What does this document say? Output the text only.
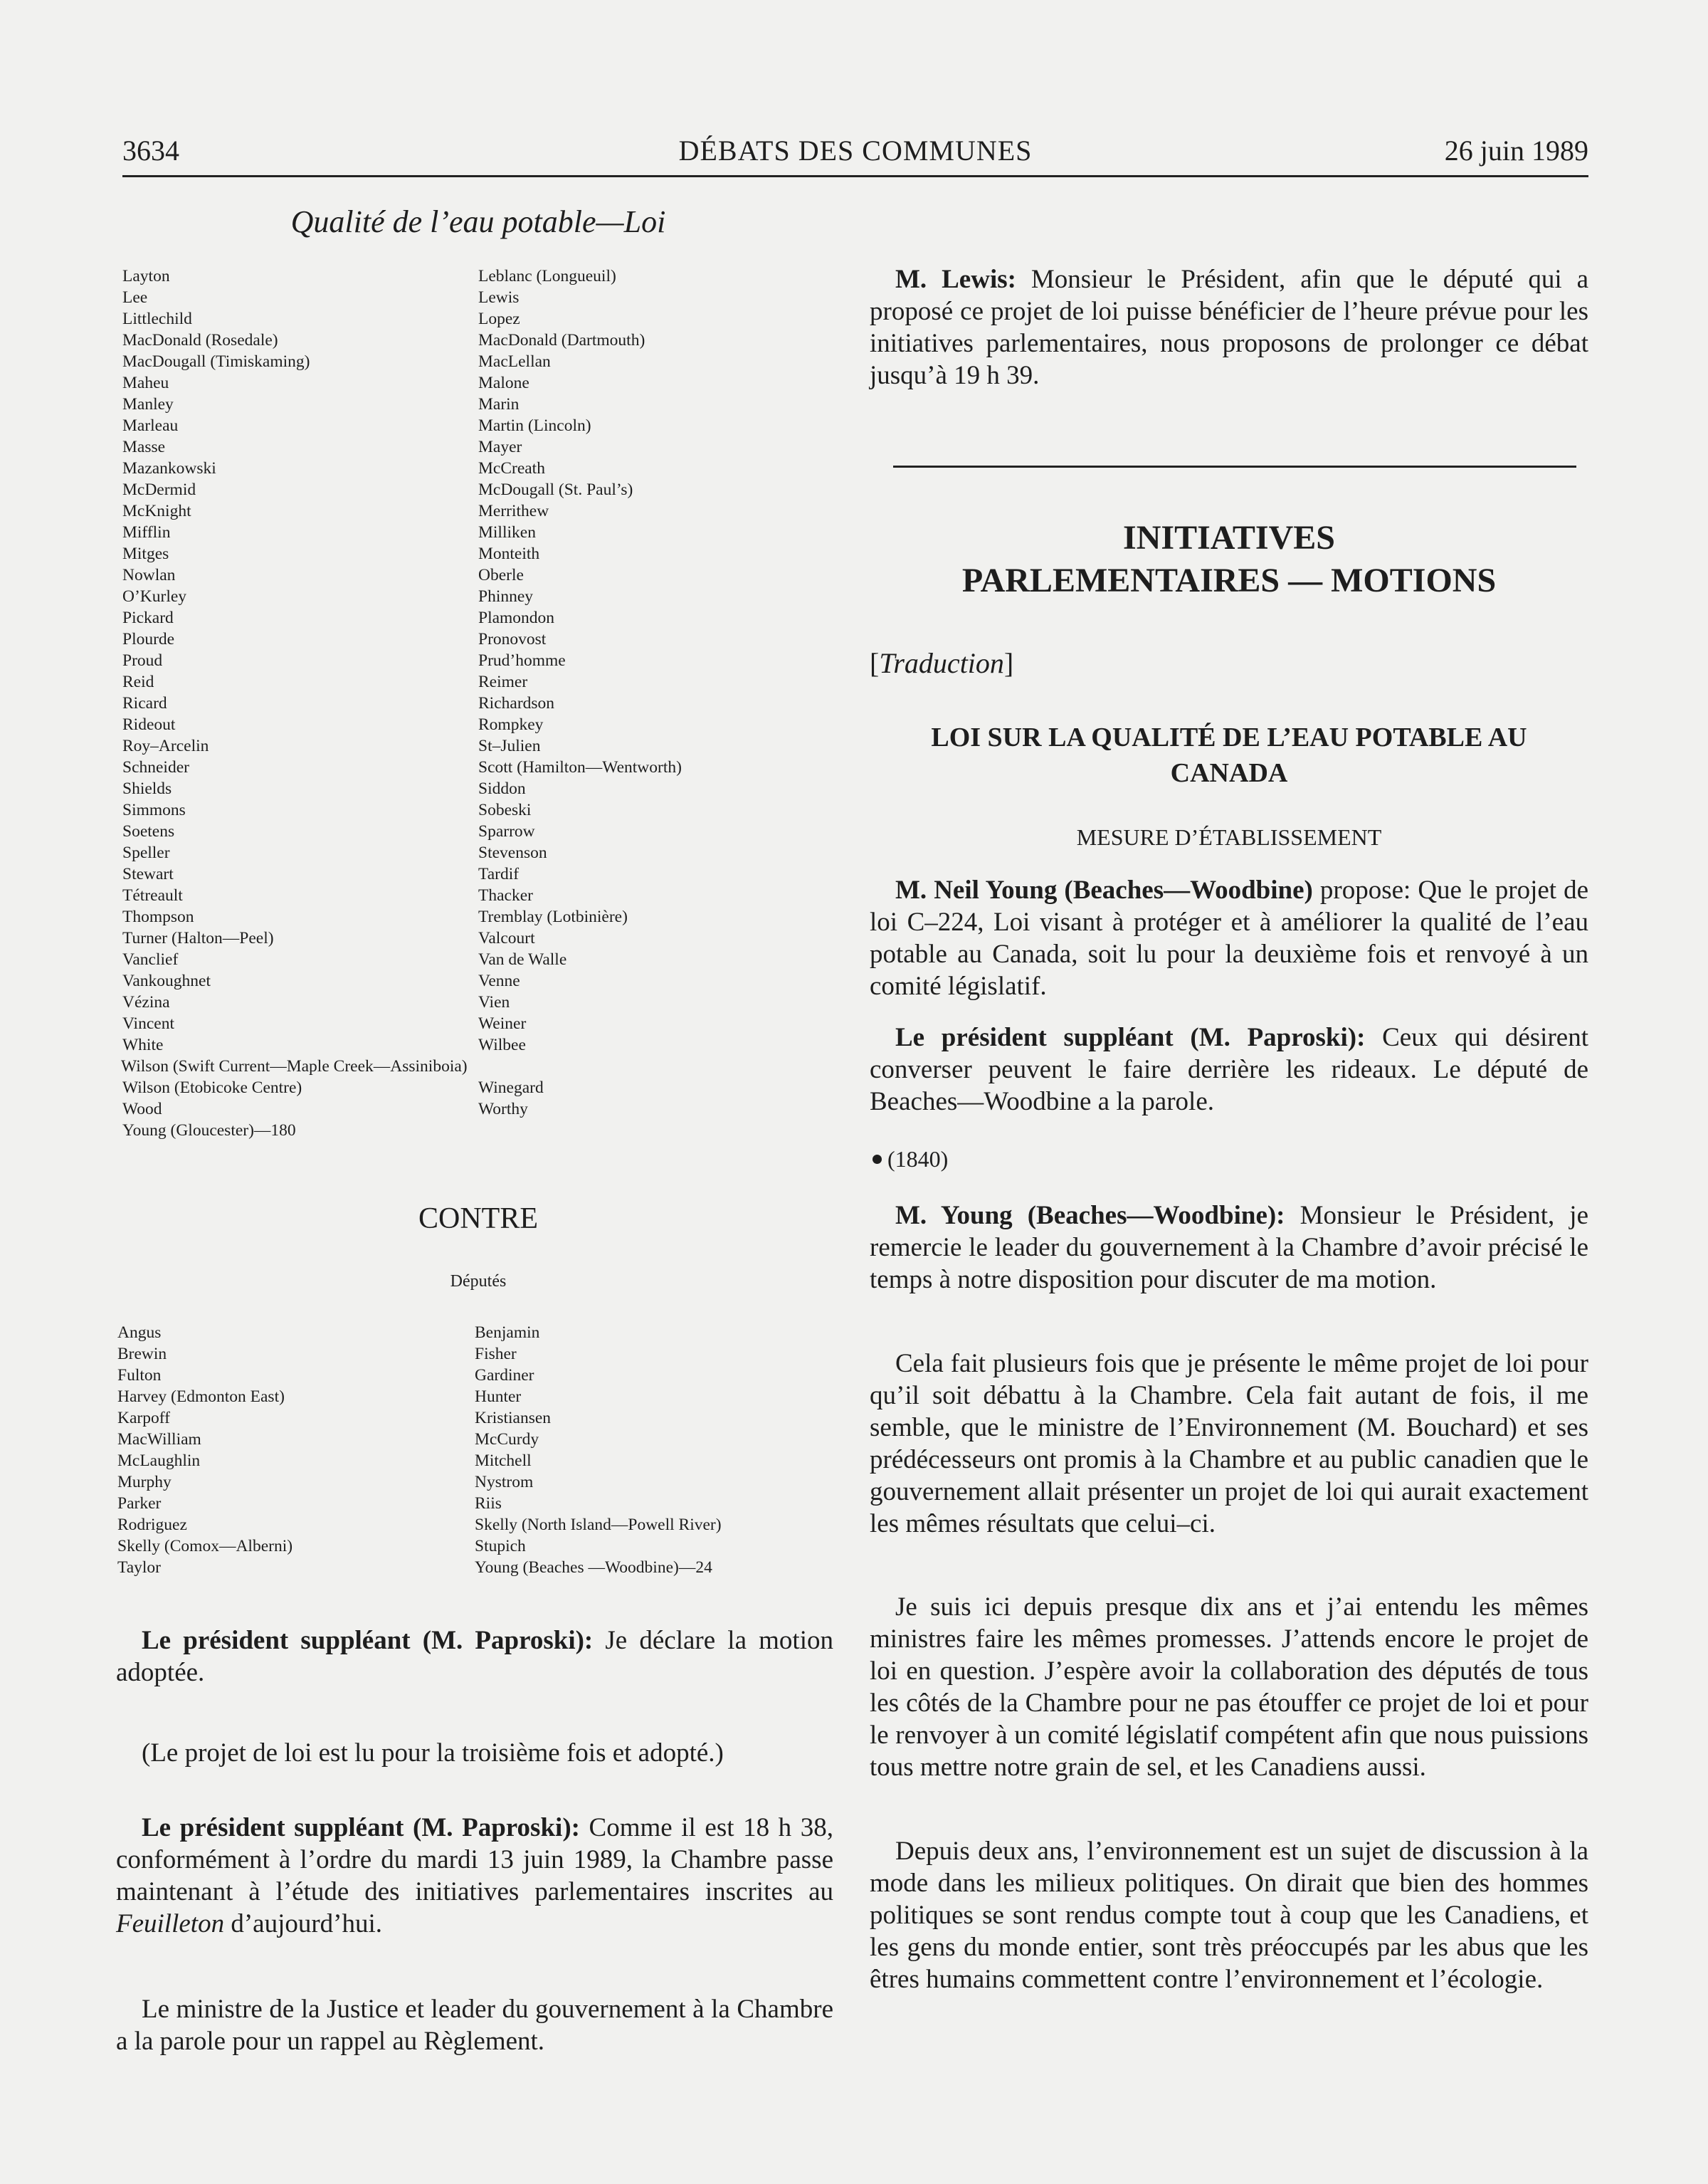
3634	DÉBATS DES COMMUNES	26 juin 1989
Qualité de l’eau potable—Loi
Layton
Lee
Littlechild
MacDonald (Rosedale)
MacDougall (Timiskaming)
Maheu
Manley
Marleau
Masse
Mazankowski
McDermid
McKnight
Mifflin
Mitges
Nowlan
O’Kurley
Pickard
Plourde
Proud
Reid
Ricard
Rideout
Roy–Arcelin
Schneider
Shields
Simmons
Soetens
Speller
Stewart
Tétreault
Thompson
Turner (Halton—Peel)
Vanclief
Vankoughnet
Vézina
Vincent
White
Leblanc (Longueuil)
Lewis
Lopez
MacDonald (Dartmouth)
MacLellan
Malone
Marin
Martin (Lincoln)
Mayer
McCreath
McDougall (St. Paul’s)
Merrithew
Milliken
Monteith
Oberle
Phinney
Plamondon
Pronovost
Prud’homme
Reimer
Richardson
Rompkey
St–Julien
Scott (Hamilton—Wentworth)
Siddon
Sobeski
Sparrow
Stevenson
Tardif
Thacker
Tremblay (Lotbinière)
Valcourt
Van de Walle
Venne
Vien
Weiner
Wilbee
Wilson (Swift Current—Maple Creek—Assiniboia)
Wilson (Etobicoke Centre)
Wood
Young (Gloucester)—180
Winegard
Worthy
CONTRE
Députés
Angus
Brewin
Fulton
Harvey (Edmonton East)
Karpoff
MacWilliam
McLaughlin
Murphy
Parker
Rodriguez
Skelly (Comox—Alberni)
Taylor
Benjamin
Fisher
Gardiner
Hunter
Kristiansen
McCurdy
Mitchell
Nystrom
Riis
Skelly (North Island—Powell River)
Stupich
Young (Beaches —Woodbine)—24
Le président suppléant (M. Paproski): Je déclare la motion adoptée.
(Le projet de loi est lu pour la troisième fois et adopté.)
Le président suppléant (M. Paproski): Comme il est 18 h 38, conformément à l’ordre du mardi 13 juin 1989, la Chambre passe maintenant à l’étude des initiatives parlementaires inscrites au Feuilleton d’aujourd’hui.
Le ministre de la Justice et leader du gouvernement à la Chambre a la parole pour un rappel au Règlement.
M. Lewis: Monsieur le Président, afin que le député qui a proposé ce projet de loi puisse bénéficier de l’heure prévue pour les initiatives parlementaires, nous proposons de prolonger ce débat jusqu’à 19 h 39.
INITIATIVES
PARLEMENTAIRES — MOTIONS
[Traduction]
LOI SUR LA QUALITÉ DE L’EAU POTABLE AU
CANADA
MESURE D’ÉTABLISSEMENT
M. Neil Young (Beaches—Woodbine) propose: Que le projet de loi C–224, Loi visant à protéger et à améliorer la qualité de l’eau potable au Canada, soit lu pour la deuxième fois et renvoyé à un comité législatif.
Le président suppléant (M. Paproski): Ceux qui désirent converser peuvent le faire derrière les rideaux. Le député de Beaches—Woodbine a la parole.
(1840)
M. Young (Beaches—Woodbine): Monsieur le Président, je remercie le leader du gouvernement à la Chambre d’avoir précisé le temps à notre disposition pour discuter de ma motion.
Cela fait plusieurs fois que je présente le même projet de loi pour qu’il soit débattu à la Chambre. Cela fait autant de fois, il me semble, que le ministre de l’Environnement (M. Bouchard) et ses prédécesseurs ont promis à la Chambre et au public canadien que le gouvernement allait présenter un projet de loi qui aurait exactement les mêmes résultats que celui–ci.
Je suis ici depuis presque dix ans et j’ai entendu les mêmes ministres faire les mêmes promesses. J’attends encore le projet de loi en question. J’espère avoir la collaboration des députés de tous les côtés de la Chambre pour ne pas étouffer ce projet de loi et pour le renvoyer à un comité législatif compétent afin que nous puissions tous mettre notre grain de sel, et les Canadiens aussi.
Depuis deux ans, l’environnement est un sujet de discussion à la mode dans les milieux politiques. On dirait que bien des hommes politiques se sont rendus compte tout à coup que les Canadiens, et les gens du monde entier, sont très préoccupés par les abus que les êtres humains commettent contre l’environnement et l’écologie.
